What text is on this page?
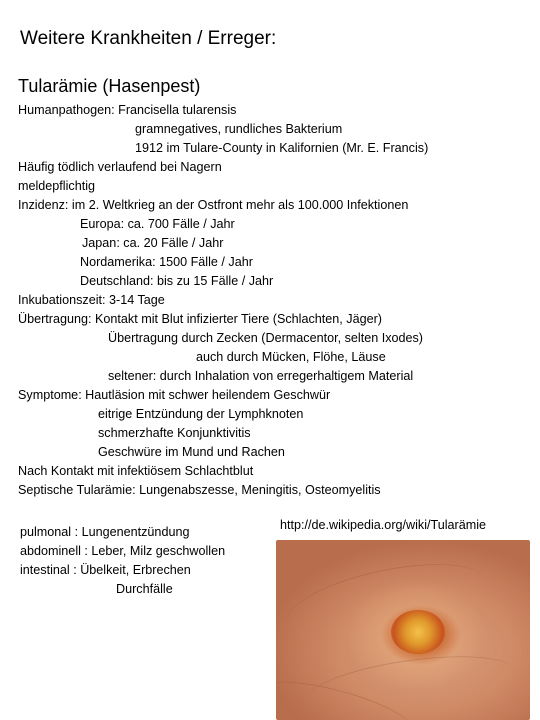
Weitere Krankheiten / Erreger:
Tularämie (Hasenpest)
Humanpathogen: Francisella tularensis
gramnegatives, rundliches Bakterium
1912 im Tulare-County in Kalifornien (Mr. E. Francis)
Häufig tödlich verlaufend bei Nagern
meldepflichtig
Inzidenz: im 2. Weltkrieg an der Ostfront mehr als 100.000 Infektionen
Europa: ca. 700 Fälle / Jahr
Japan: ca. 20 Fälle / Jahr
Nordamerika: 1500 Fälle / Jahr
Deutschland: bis zu 15 Fälle / Jahr
Inkubationszeit: 3-14 Tage
Übertragung: Kontakt mit Blut infizierter Tiere (Schlachten, Jäger)
Übertragung durch Zecken (Dermacentor, selten Ixodes)
auch durch Mücken, Flöhe, Läuse
seltener: durch Inhalation von erregerhaltigem Material
Symptome: Hautläsion mit schwer heilendem Geschwür
eitrige Entzündung der Lymphknoten
schmerzhafte Konjunktivitis
Geschwüre im Mund und Rachen
Nach Kontakt mit infektiösem Schlachtblut
Septische Tularämie: Lungenabszesse, Meningitis, Osteomyelitis
pulmonal : Lungenentzündung
abdominell : Leber, Milz geschwollen
intestinal : Übelkeit, Erbrechen
Durchfälle
http://de.wikipedia.org/wiki/Tularämie
